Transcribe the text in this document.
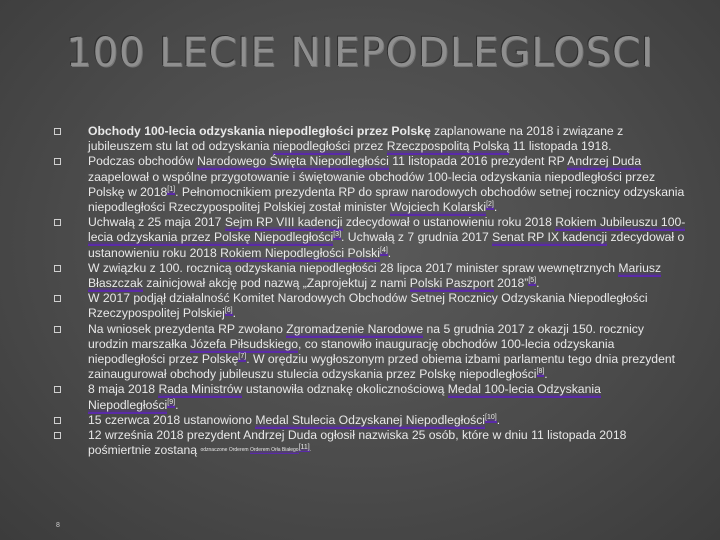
100 LECIE NIEPODLEGLOSCI
Obchody 100-lecia odzyskania niepodległości przez Polskę zaplanowane na 2018 i związane z jubileuszem stu lat od odzyskania niepodległości przez Rzeczpospolitą Polską 11 listopada 1918.
Podczas obchodów Narodowego Święta Niepodległości 11 listopada 2016 prezydent RP Andrzej Duda zaapelował o wspólne przygotowanie i świętowanie obchodów 100-lecia odzyskania niepodległości przez Polskę w 2018[1]. Pełnomocnikiem prezydenta RP do spraw narodowych obchodów setnej rocznicy odzyskania niepodległości Rzeczypospolitej Polskiej został minister Wojciech Kolarski[2].
Uchwałą z 25 maja 2017 Sejm RP VIII kadencji zdecydował o ustanowieniu roku 2018 Rokiem Jubileuszu 100-lecia odzyskania przez Polskę Niepodległości[3]. Uchwałą z 7 grudnia 2017 Senat RP IX kadencji zdecydował o ustanowieniu roku 2018 Rokiem Niepodległości Polski[4].
W związku z 100. rocznicą odzyskania niepodległości 28 lipca 2017 minister spraw wewnętrznych Mariusz Błaszczak zainicjował akcję pod nazwą „Zaprojektuj z nami Polski Paszport 2018”[5].
W 2017 podjął działalność Komitet Narodowych Obchodów Setnej Rocznicy Odzyskania Niepodległości Rzeczypospolitej Polskiej[6].
Na wniosek prezydenta RP zwołano Zgromadzenie Narodowe na 5 grudnia 2017 z okazji 150. rocznicy urodzin marszałka Józefa Piłsudskiego, co stanowiło inaugurację obchodów 100-lecia odzyskania niepodległości przez Polskę[7]. W orędziu wygłoszonym przed obiema izbami parlamentu tego dnia prezydent zainaugurował obchody jubileuszu stulecia odzyskania przez Polskę niepodległości[8].
8 maja 2018 Rada Ministrów ustanowiła odznakę okolicznościową Medal 100-lecia Odzyskania Niepodległości[9].
15 czerwca 2018 ustanowiono Medal Stulecia Odzyskanej Niepodległości[10].
12 września 2018 prezydent Andrzej Duda ogłosił nazwiska 25 osób, które w dniu 11 listopada 2018 pośmiertnie zostaną odznaczone Orderem Orderem Orła Białego[11].
8
